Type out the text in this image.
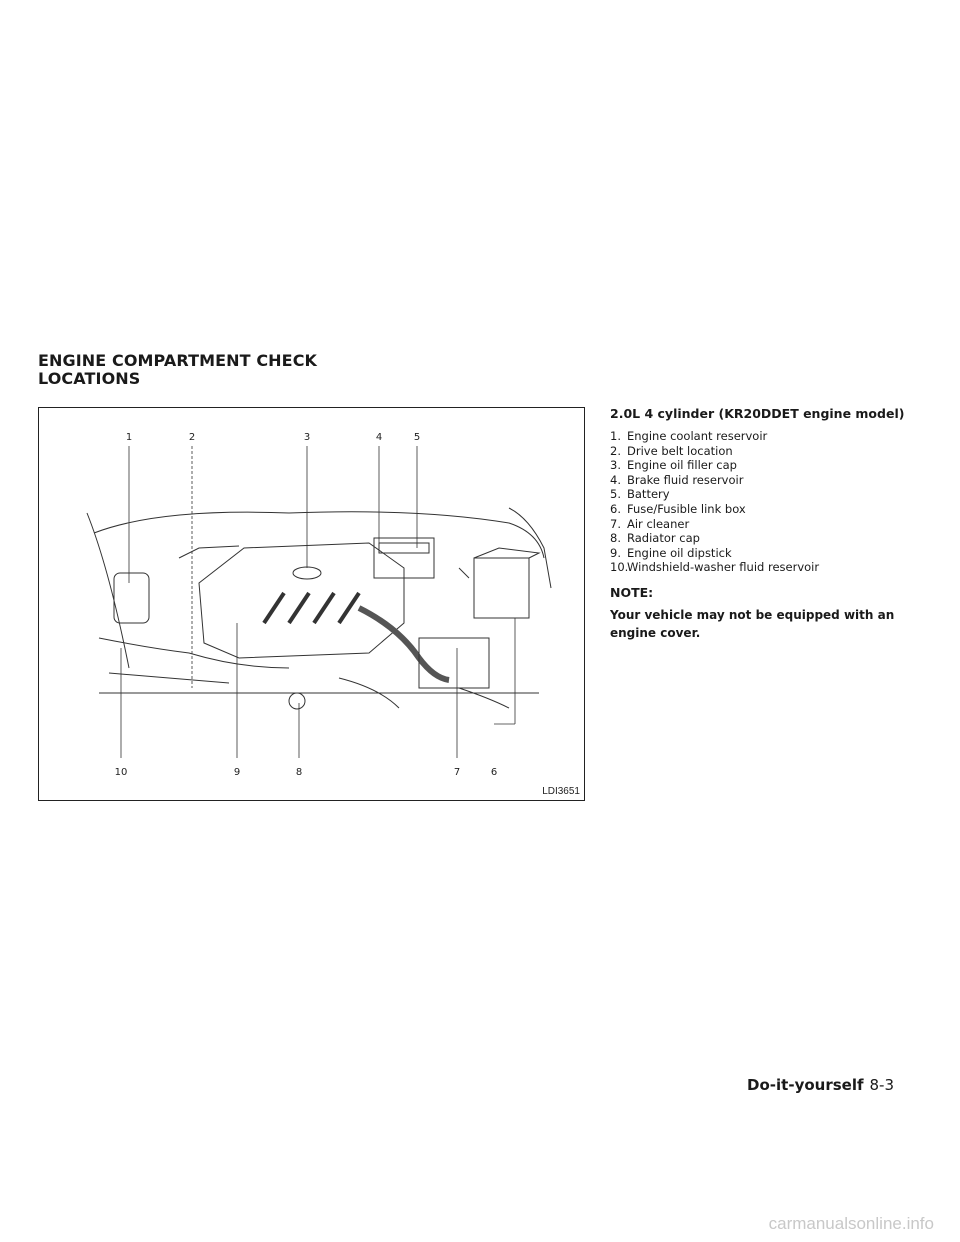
ENGINE COMPARTMENT CHECK
LOCATIONS
1	2	3	4	5
6
7
8
9
10
LDI3651
2.0L 4 cylinder (KR20DDET engine model)
1. Engine coolant reservoir
2. Drive belt location
3. Engine oil filler cap
4. Brake fluid reservoir
5. Battery
6. Fuse/Fusible link box
7. Air cleaner
8. Radiator cap
9. Engine oil dipstick
10.
Windshield-washer fluid reservoir
NOTE:

Your vehicle may not be equipped with an engine cover.

Do-it-yourself 8-3
carmanualsonline.info
